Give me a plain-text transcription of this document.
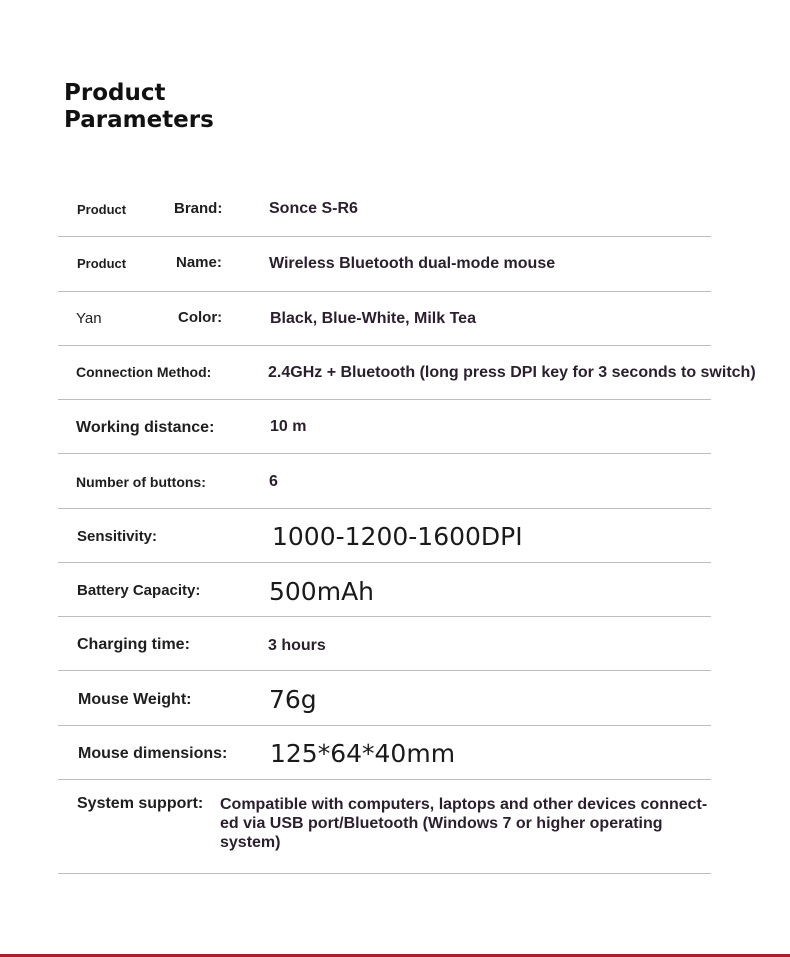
Product
Parameters
Product	Brand:	Sonce S-R6
Product	Name:	Wireless Bluetooth dual-mode mouse
Yan	Color:	Black, Blue-White, Milk Tea
Connection Method:	2.4GHz + Bluetooth (long press DPI key for 3 seconds to switch)
Working distance:	10 m
Number of buttons:	6
Sensitivity:	1000-1200-1600DPI
Battery Capacity:	500mAh
Charging time:	3 hours
Mouse Weight:	76g
Mouse dimensions: 125*64*40mm
System support: Compatible with computers, laptops and other devices connect-ed via USB port/Bluetooth (Windows 7 or higher operating system)
